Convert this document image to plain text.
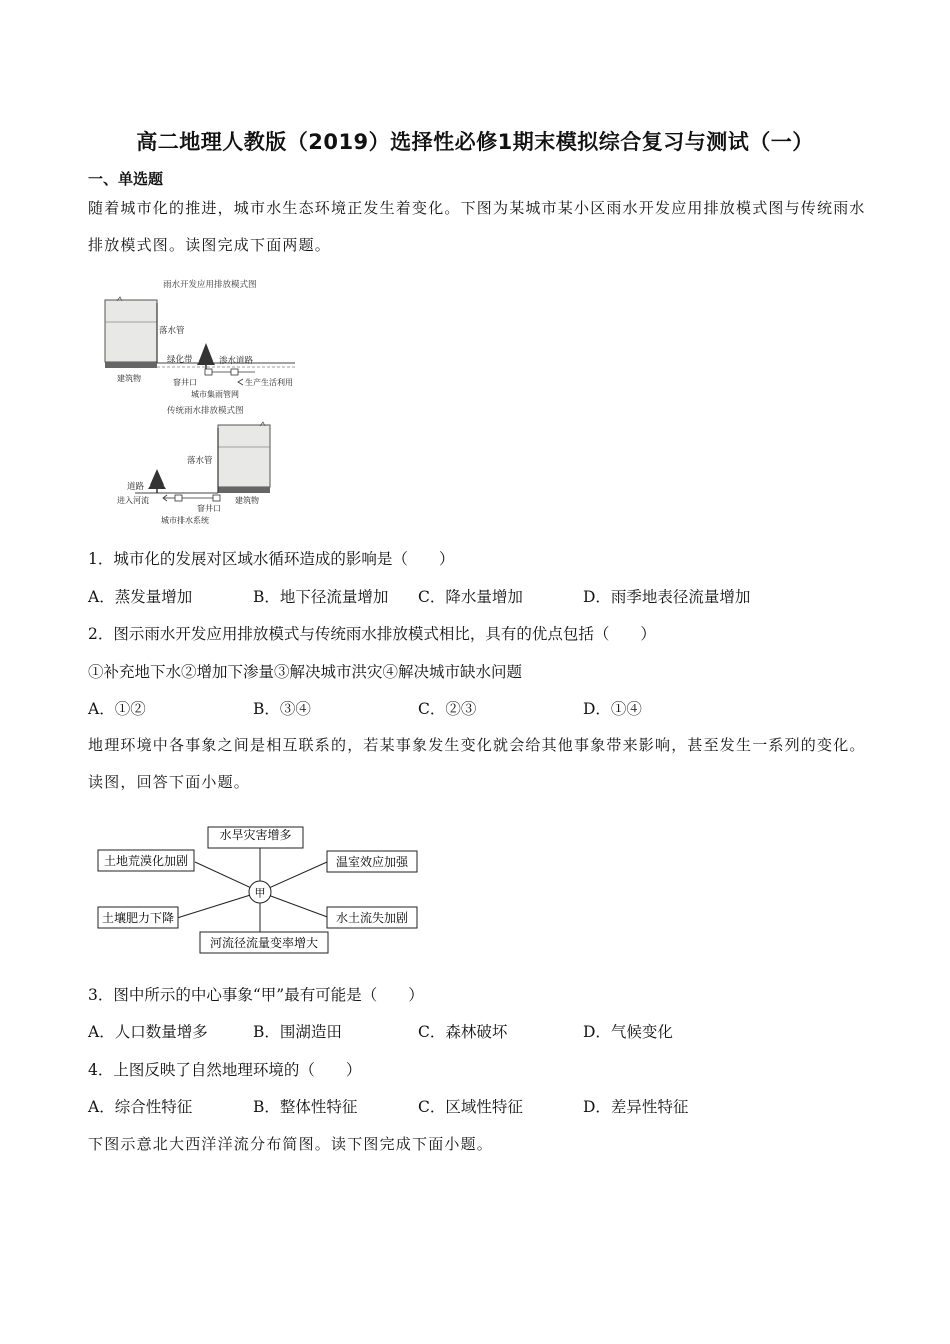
高二地理人教版（2019）选择性必修1期末模拟综合复习与测试（一）
一、单选题
随着城市化的推进，城市水生态环境正发生着变化。下图为某城市某小区雨水开发应用排放模式图与传统雨水排放模式图。读图完成下面两题。
雨水开发应用排放模式图
落水管
绿化带	渗水道路
建筑物	窨井口	生产生活利用
城市集雨管网
传统雨水排放模式图
落水管
道路
进入河流	建筑物
窨井口
城市排水系统
1．城市化的发展对区域水循环造成的影响是（　　）
A．蒸发量增加	B．地下径流量增加 C．降水量增加	D．雨季地表径流量增加
2．图示雨水开发应用排放模式与传统雨水排放模式相比，具有的优点包括（　　）
①补充地下水②增加下渗量③解决城市洪灾④解决城市缺水问题
A．①②	B．③④	C．②③	D．①④
地理环境中各事象之间是相互联系的，若某事象发生变化就会给其他事象带来影响，甚至发生一系列的变化。读图，回答下面小题。
水旱灾害增多
土地荒漠化加剧	温室效应加强
土壤肥力下降	水土流失加剧
河流径流量变率增大
甲
3．图中所示的中心事象“甲”最有可能是（　　）
A．人口数量增多	B．围湖造田	C．森林破坏	D．气候变化
4．上图反映了自然地理环境的（　　）
A．综合性特征	B．整体性特征	C．区域性特征	D．差异性特征
下图示意北大西洋洋流分布简图。读下图完成下面小题。
